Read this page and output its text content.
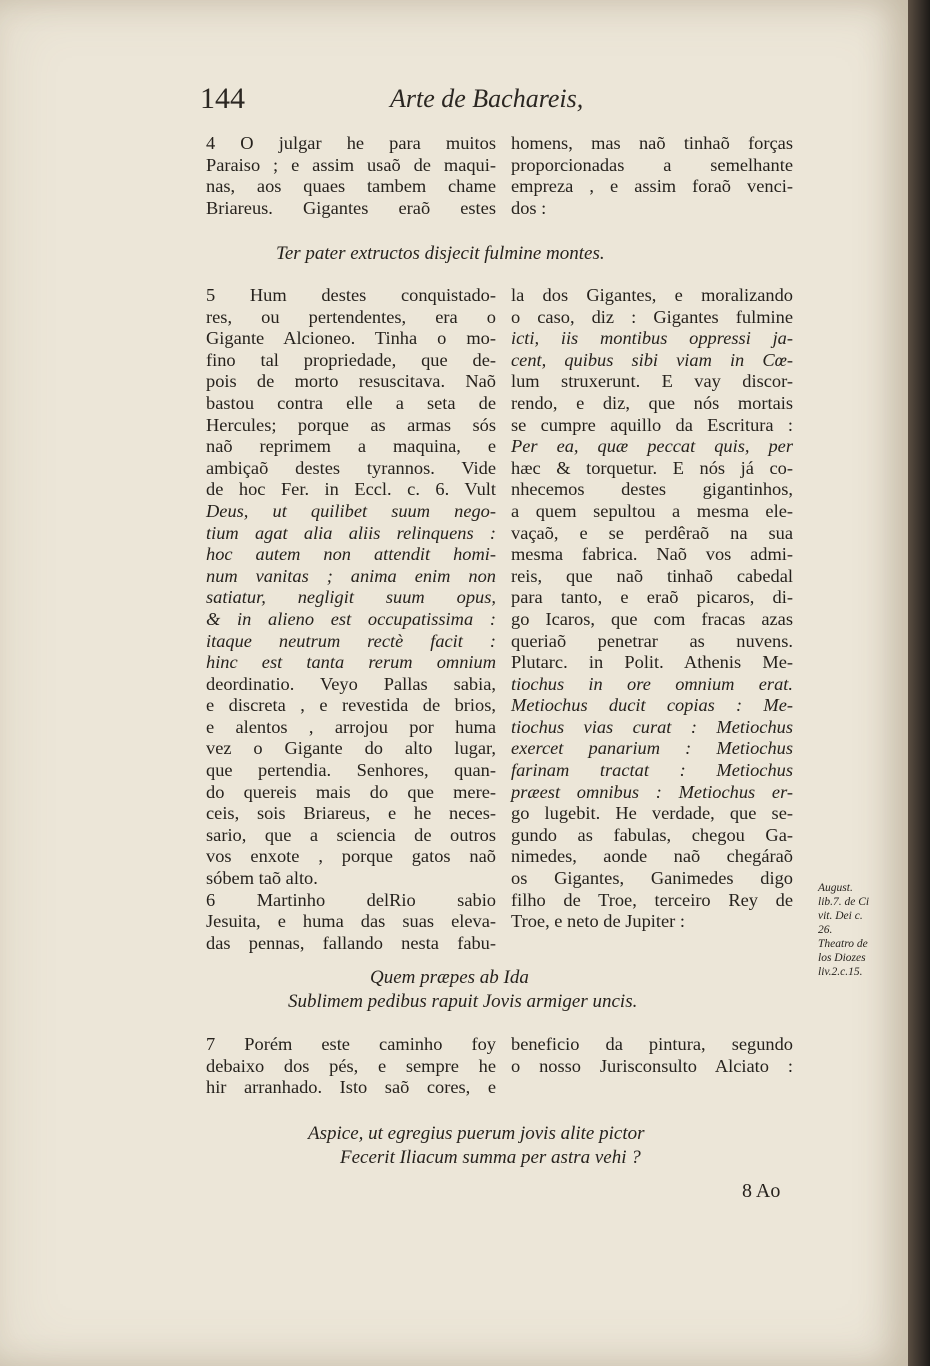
144	Arte de Bachareis,
4 O julgar he para muitos
Paraiso ; e assim usaõ de maqui-
nas, aos quaes tambem chame
Briareus. Gigantes eraõ estes
homens, mas naõ tinhaõ forças
proporcionadas a semelhante
empreza , e assim foraõ venci-
dos :
Ter pater extructos disjecit fulmine montes.
5 Hum destes conquistado-
res, ou pertendentes, era o
Gigante Alcioneo. Tinha o mo-
fino tal propriedade, que de-
pois de morto resuscitava. Naõ
bastou contra elle a seta de
Hercules; porque as armas sós
naõ reprimem a maquina, e
ambiçaõ destes tyrannos. Vide
de hoc Fer. in Eccl. c. 6. Vult
Deus, ut quilibet suum nego-
tium agat alia aliis relinquens :
hoc autem non attendit homi-
num vanitas ; anima enim non
satiatur, negligit suum opus,
& in alieno est occupatissima :
itaque neutrum rectè facit :
hinc est tanta rerum omnium
deordinatio. Veyo Pallas sabia,
e discreta , e revestida de brios,
e alentos , arrojou por huma
vez o Gigante do alto lugar,
que pertendia. Senhores, quan-
do quereis mais do que mere-
ceis, sois Briareus, e he neces-
sario, que a sciencia de outros
vos enxote , porque gatos naõ
sóbem taõ alto.
6 Martinho delRio sabio
Jesuita, e huma das suas eleva-
das pennas, fallando nesta fabu-
la dos Gigantes, e moralizando
o caso, diz : Gigantes fulmine
icti, iis montibus oppressi ja-
cent, quibus sibi viam in Cœ-
lum struxerunt. E vay discor-
rendo, e diz, que nós mortais
se cumpre aquillo da Escritura :
Per ea, quæ peccat quis, per
hæc & torquetur. E nós já co-
nhecemos destes gigantinhos,
a quem sepultou a mesma ele-
vaçaõ, e se perdêraõ na sua
mesma fabrica. Naõ vos admi-
reis, que naõ tinhaõ cabedal
para tanto, e eraõ picaros, di-
go Icaros, que com fracas azas
queriaõ penetrar as nuvens.
Plutarc. in Polit. Athenis Me-
tiochus in ore omnium erat.
Metiochus ducit copias : Me-
tiochus vias curat : Metiochus
exercet panarium : Metiochus
farinam tractat : Metiochus
præest omnibus : Metiochus er-
go lugebit. He verdade, que se-
gundo as fabulas, chegou Ga-
nimedes, aonde naõ chegáraõ
os Gigantes, Ganimedes digo
filho de Troe, terceiro Rey de
Troe, e neto de Jupiter :
August.
lib.7. de Ci
vit. Dei c.
26.
Theatro de
los Diozes
liv.2.c.15.
Quem præpes ab Ida
Sublimem pedibus rapuit Jovis armiger uncis.
7 Porém este caminho foy
debaixo dos pés, e sempre he
hir arranhado. Isto saõ cores, e
beneficio da pintura, segundo
o nosso Jurisconsulto Alciato :
Aspice, ut egregius puerum jovis alite pictor
Fecerit Iliacum summa per astra vehi ?
8 Ao
